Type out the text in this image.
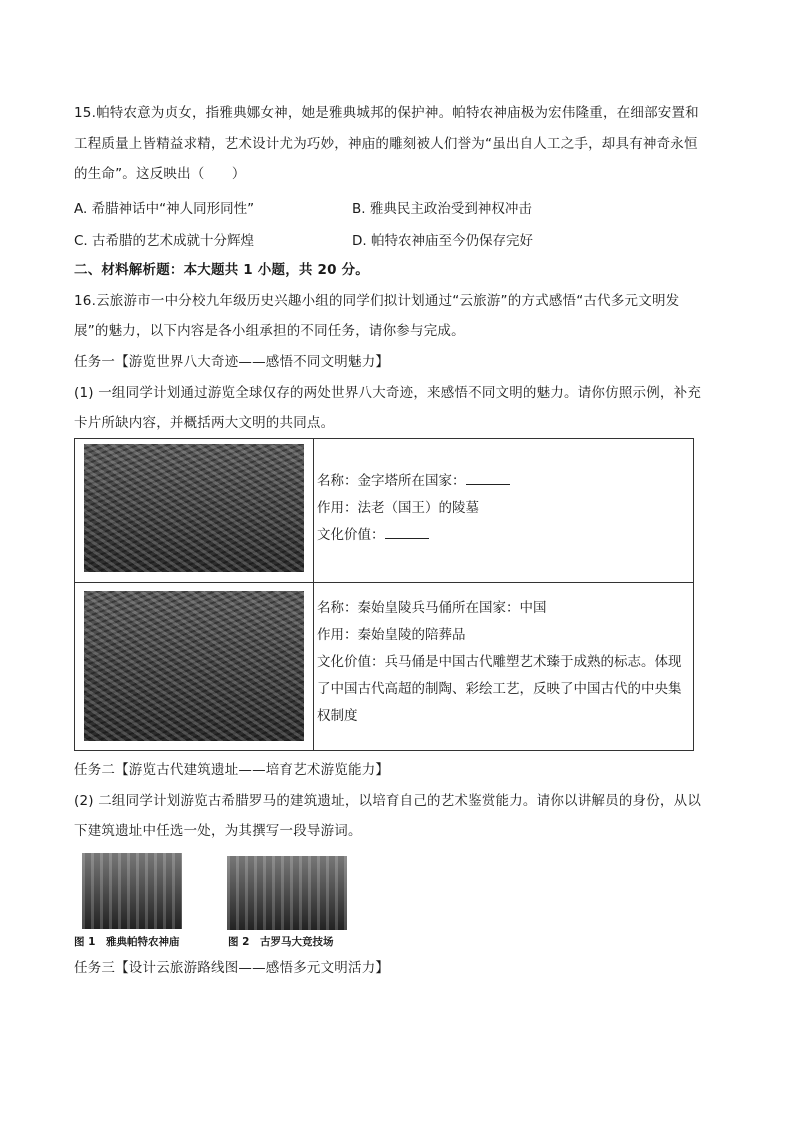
15.帕特农意为贞女，指雅典娜女神，她是雅典城邦的保护神。帕特农神庙极为宏伟隆重，在细部安置和
工程质量上皆精益求精，艺术设计尤为巧妙，神庙的雕刻被人们誉为“虽出自人工之手，却具有神奇永恒
的生命”。这反映出（　　）
A. 希腊神话中“神人同形同性”	B. 雅典民主政治受到神权冲击
C. 古希腊的艺术成就十分辉煌	D. 帕特农神庙至今仍保存完好
二、材料解析题：本大题共 1 小题，共 20 分。
16.云旅游市一中分校九年级历史兴趣小组的同学们拟计划通过“云旅游”的方式感悟“古代多元文明发
展”的魅力，以下内容是各小组承担的不同任务，请你参与完成。
任务一【游览世界八大奇迹——感悟不同文明魅力】
(1) 一组同学计划通过游览全球仅存的两处世界八大奇迹，来感悟不同文明的魅力。请你仿照示例，补充
卡片所缺内容，并概括两大文明的共同点。

	名称：金字塔所在国家：
作用：法老（国王）的陵墓
文化价值：

	名称：秦始皇陵兵马俑所在国家：中国
作用：秦始皇陵的陪葬品
文化价值：兵马俑是中国古代雕塑艺术臻于成熟的标志。体现
了中国古代高超的制陶、彩绘工艺，反映了中国古代的中央集
权制度
任务二【游览古代建筑遗址——培育艺术游览能力】
(2) 二组同学计划游览古希腊罗马的建筑遗址，以培育自己的艺术鉴赏能力。请你以讲解员的身份，从以
下建筑遗址中任选一处，为其撰写一段导游词。
图 1　雅典帕特农神庙	图 2　古罗马大竞技场
任务三【设计云旅游路线图——感悟多元文明活力】
